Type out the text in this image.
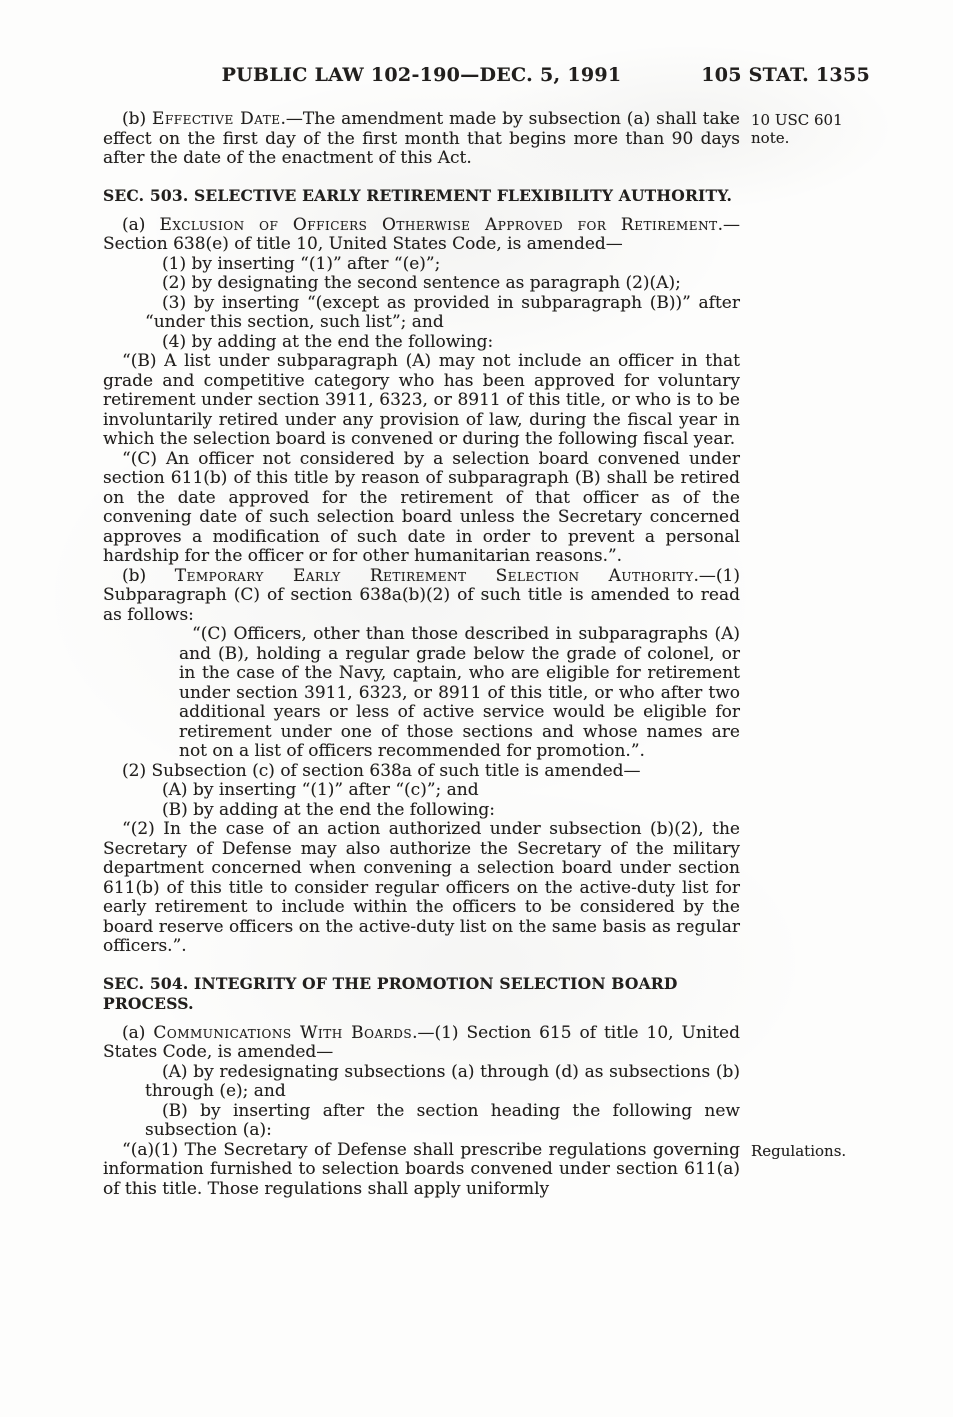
105 STAT. 1355
PUBLIC LAW 102-190—DEC. 5, 1991
(b) Effective Date.—The amendment made by subsection (a) shall take effect on the first day of the first month that begins more than 90 days after the date of the enactment of this Act.
10 USC 601 note.
SEC. 503. SELECTIVE EARLY RETIREMENT FLEXIBILITY AUTHORITY.
(a) Exclusion of Officers Otherwise Approved for Retirement.—Section 638(e) of title 10, United States Code, is amended—
(1) by inserting “(1)” after “(e)”;
(2) by designating the second sentence as paragraph (2)(A);
(3) by inserting “(except as provided in subparagraph (B))” after “under this section, such list”; and
(4) by adding at the end the following:
“(B) A list under subparagraph (A) may not include an officer in that grade and competitive category who has been approved for voluntary retirement under section 3911, 6323, or 8911 of this title, or who is to be involuntarily retired under any provision of law, during the fiscal year in which the selection board is convened or during the following fiscal year.
“(C) An officer not considered by a selection board convened under section 611(b) of this title by reason of subparagraph (B) shall be retired on the date approved for the retirement of that officer as of the convening date of such selection board unless the Secretary concerned approves a modification of such date in order to prevent a personal hardship for the officer or for other humanitarian reasons.”.
(b) Temporary Early Retirement Selection Authority.—(1) Subparagraph (C) of section 638a(b)(2) of such title is amended to read as follows:
“(C) Officers, other than those described in subparagraphs (A) and (B), holding a regular grade below the grade of colonel, or in the case of the Navy, captain, who are eligible for retirement under section 3911, 6323, or 8911 of this title, or who after two additional years or less of active service would be eligible for retirement under one of those sections and whose names are not on a list of officers recommended for promotion.”.
(2) Subsection (c) of section 638a of such title is amended—
(A) by inserting “(1)” after “(c)”; and
(B) by adding at the end the following:
“(2) In the case of an action authorized under subsection (b)(2), the Secretary of Defense may also authorize the Secretary of the military department concerned when convening a selection board under section 611(b) of this title to consider regular officers on the active-duty list for early retirement to include within the officers to be considered by the board reserve officers on the active-duty list on the same basis as regular officers.”.
SEC. 504. INTEGRITY OF THE PROMOTION SELECTION BOARD PROCESS.
(a) Communications With Boards.—(1) Section 615 of title 10, United States Code, is amended—
(A) by redesignating subsections (a) through (d) as subsections (b) through (e); and
(B) by inserting after the section heading the following new subsection (a):
“(a)(1) The Secretary of Defense shall prescribe regulations governing information furnished to selection boards convened under section 611(a) of this title. Those regulations shall apply uniformly
Regulations.
